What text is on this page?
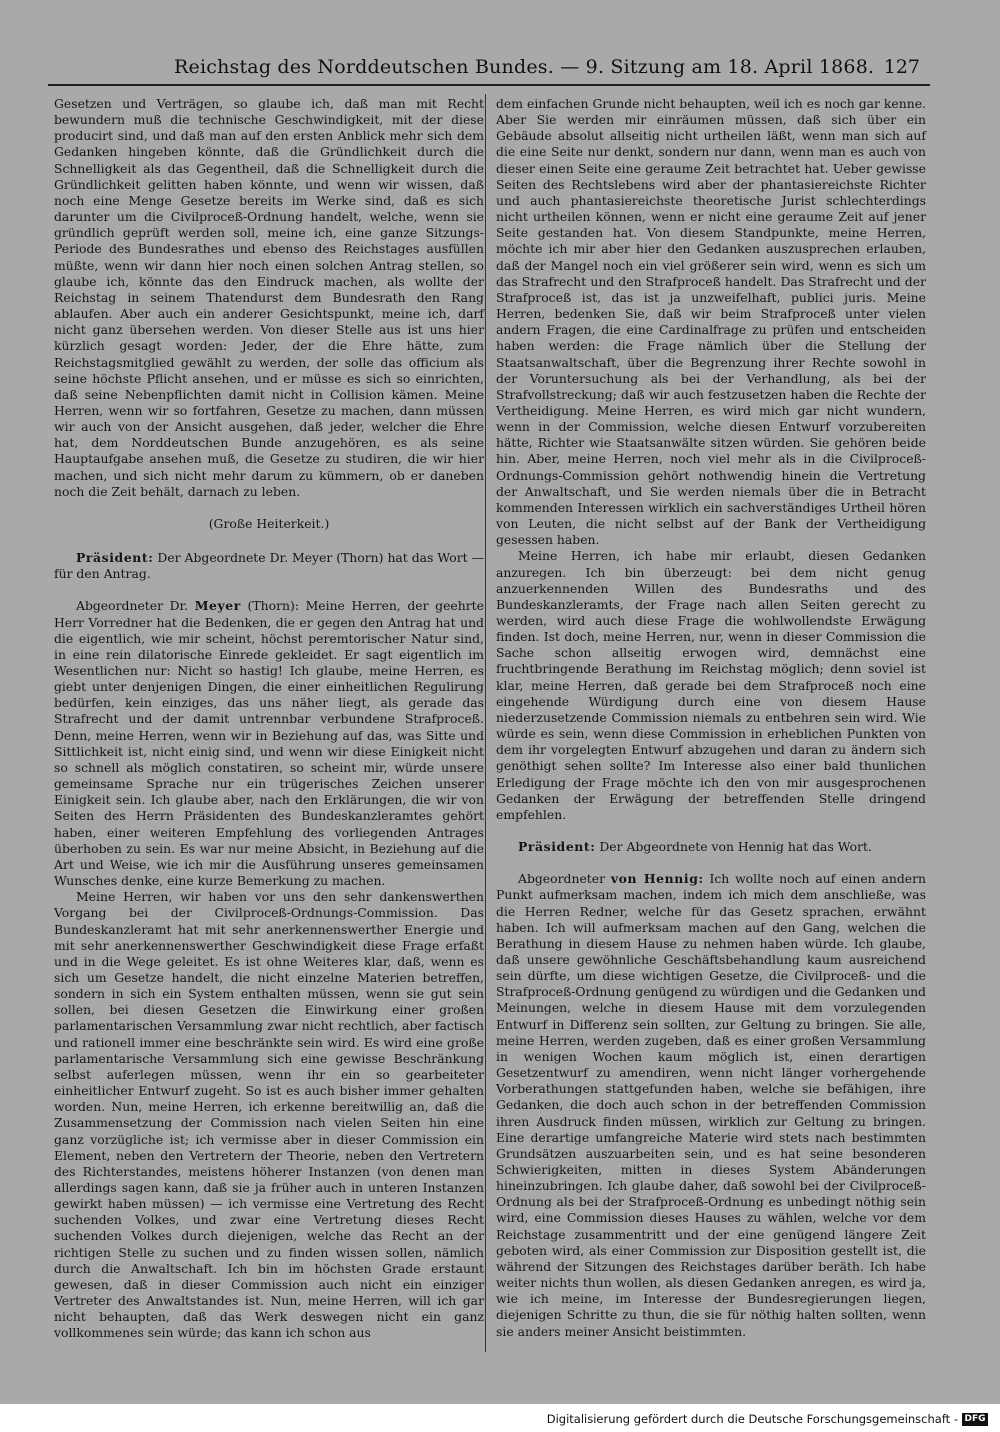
Reichstag des Norddeutschen Bundes. — 9. Sitzung am 18. April 1868. 127

Gesetzen und Verträgen, so glaube ich, daß man mit Recht bewundern muß die technische Geschwindigkeit, mit der diese producirt sind, und daß man auf den ersten Anblick mehr sich dem Gedanken hingeben könnte, daß die Gründlichkeit durch die Schnelligkeit als das Gegentheil, daß die Schnelligkeit durch die Gründlichkeit gelitten haben könnte, und wenn wir wissen, daß noch eine Menge Gesetze bereits im Werke sind, daß es sich darunter um die Civilproceß-Ordnung handelt, welche, wenn sie gründlich geprüft werden soll, meine ich, eine ganze Sitzungs-Periode des Bundesrathes und ebenso des Reichstages ausfüllen müßte, wenn wir dann hier noch einen solchen Antrag stellen, so glaube ich, könnte das den Eindruck machen, als wollte der Reichstag in seinem Thatendurst dem Bundesrath den Rang ablaufen. Aber auch ein anderer Gesichtspunkt, meine ich, darf nicht ganz übersehen werden. Von dieser Stelle aus ist uns hier kürzlich gesagt worden: Jeder, der die Ehre hätte, zum Reichstagsmitglied gewählt zu werden, der solle das officium als seine höchste Pflicht ansehen, und er müsse es sich so einrichten, daß seine Nebenpflichten damit nicht in Collision kämen. Meine Herren, wenn wir so fortfahren, Gesetze zu machen, dann müssen wir auch von der Ansicht ausgehen, daß jeder, welcher die Ehre hat, dem Norddeutschen Bunde anzugehören, es als seine Hauptaufgabe ansehen muß, die Gesetze zu studiren, die wir hier machen, und sich nicht mehr darum zu kümmern, ob er daneben noch die Zeit behält, darnach zu leben.

(Große Heiterkeit.)

Präsident: Der Abgeordnete Dr. Meyer (Thorn) hat das Wort — für den Antrag.

Abgeordneter Dr. Meyer (Thorn): Meine Herren, der geehrte Herr Vorredner hat die Bedenken, die er gegen den Antrag hat und die eigentlich, wie mir scheint, höchst peremtorischer Natur sind, in eine rein dilatorische Einrede gekleidet. Er sagt eigentlich im Wesentlichen nur: Nicht so hastig! Ich glaube, meine Herren, es giebt unter denjenigen Dingen, die einer einheitlichen Regulirung bedürfen, kein einziges, das uns näher liegt, als gerade das Strafrecht und der damit untrennbar verbundene Strafproceß. Denn, meine Herren, wenn wir in Beziehung auf das, was Sitte und Sittlichkeit ist, nicht einig sind, und wenn wir diese Einigkeit nicht so schnell als möglich constatiren, so scheint mir, würde unsere gemeinsame Sprache nur ein trügerisches Zeichen unserer Einigkeit sein. Ich glaube aber, nach den Erklärungen, die wir von Seiten des Herrn Präsidenten des Bundeskanzleramtes gehört haben, einer weiteren Empfehlung des vorliegenden Antrages überhoben zu sein. Es war nur meine Absicht, in Beziehung auf die Art und Weise, wie ich mir die Ausführung unseres gemeinsamen Wunsches denke, eine kurze Bemerkung zu machen.

Meine Herren, wir haben vor uns den sehr dankenswerthen Vorgang bei der Civilproceß-Ordnungs-Commission. Das Bundeskanzleramt hat mit sehr anerkennenswerther Energie und mit sehr anerkennenswerther Geschwindigkeit diese Frage erfaßt und in die Wege geleitet. Es ist ohne Weiteres klar, daß, wenn es sich um Gesetze handelt, die nicht einzelne Materien betreffen, sondern in sich ein System enthalten müssen, wenn sie gut sein sollen, bei diesen Gesetzen die Einwirkung einer großen parlamentarischen Versammlung zwar nicht rechtlich, aber factisch und rationell immer eine beschränkte sein wird. Es wird eine große parlamentarische Versammlung sich eine gewisse Beschränkung selbst auferlegen müssen, wenn ihr ein so gearbeiteter einheitlicher Entwurf zugeht. So ist es auch bisher immer gehalten worden. Nun, meine Herren, ich erkenne bereitwillig an, daß die Zusammensetzung der Commission nach vielen Seiten hin eine ganz vorzügliche ist; ich vermisse aber in dieser Commission ein Element, neben den Vertretern der Theorie, neben den Vertretern des Richterstandes, meistens höherer Instanzen (von denen man allerdings sagen kann, daß sie ja früher auch in unteren Instanzen gewirkt haben müssen) — ich vermisse eine Vertretung des Recht suchenden Volkes, und zwar eine Vertretung dieses Recht suchenden Volkes durch diejenigen, welche das Recht an der richtigen Stelle zu suchen und zu finden wissen sollen, nämlich durch die Anwaltschaft. Ich bin im höchsten Grade erstaunt gewesen, daß in dieser Commission auch nicht ein einziger Vertreter des Anwaltstandes ist. Nun, meine Herren, will ich gar nicht behaupten, daß das Werk deswegen nicht ein ganz vollkommenes sein würde; das kann ich schon aus

dem einfachen Grunde nicht behaupten, weil ich es noch gar kenne. Aber Sie werden mir einräumen müssen, daß sich über ein Gebäude absolut allseitig nicht urtheilen läßt, wenn man sich auf die eine Seite nur denkt, sondern nur dann, wenn man es auch von dieser einen Seite eine geraume Zeit betrachtet hat. Ueber gewisse Seiten des Rechtslebens wird aber der phantasiereichste Richter und auch phantasiereichste theoretische Jurist schlechterdings nicht urtheilen können, wenn er nicht eine geraume Zeit auf jener Seite gestanden hat. Von diesem Standpunkte, meine Herren, möchte ich mir aber hier den Gedanken auszusprechen erlauben, daß der Mangel noch ein viel größerer sein wird, wenn es sich um das Strafrecht und den Strafproceß handelt. Das Strafrecht und der Strafproceß ist, das ist ja unzweifelhaft, publici juris. Meine Herren, bedenken Sie, daß wir beim Strafproceß unter vielen andern Fragen, die eine Cardinalfrage zu prüfen und entscheiden haben werden: die Frage nämlich über die Stellung der Staatsanwaltschaft, über die Begrenzung ihrer Rechte sowohl in der Voruntersuchung als bei der Verhandlung, als bei der Strafvollstreckung; daß wir auch festzusetzen haben die Rechte der Vertheidigung. Meine Herren, es wird mich gar nicht wundern, wenn in der Commission, welche diesen Entwurf vorzubereiten hätte, Richter wie Staatsanwälte sitzen würden. Sie gehören beide hin. Aber, meine Herren, noch viel mehr als in die Civilproceß-Ordnungs-Commission gehört nothwendig hinein die Vertretung der Anwaltschaft, und Sie werden niemals über die in Betracht kommenden Interessen wirklich ein sachverständiges Urtheil hören von Leuten, die nicht selbst auf der Bank der Vertheidigung gesessen haben.

Meine Herren, ich habe mir erlaubt, diesen Gedanken anzuregen. Ich bin überzeugt: bei dem nicht genug anzuerkennenden Willen des Bundesraths und des Bundeskanzleramts, der Frage nach allen Seiten gerecht zu werden, wird auch diese Frage die wohlwollendste Erwägung finden. Ist doch, meine Herren, nur, wenn in dieser Commission die Sache schon allseitig erwogen wird, demnächst eine fruchtbringende Berathung im Reichstag möglich; denn soviel ist klar, meine Herren, daß gerade bei dem Strafproceß noch eine eingehende Würdigung durch eine von diesem Hause niederzusetzende Commission niemals zu entbehren sein wird. Wie würde es sein, wenn diese Commission in erheblichen Punkten von dem ihr vorgelegten Entwurf abzugehen und daran zu ändern sich genöthigt sehen sollte? Im Interesse also einer bald thunlichen Erledigung der Frage möchte ich den von mir ausgesprochenen Gedanken der Erwägung der betreffenden Stelle dringend empfehlen.

Präsident: Der Abgeordnete von Hennig hat das Wort.

Abgeordneter von Hennig: Ich wollte noch auf einen andern Punkt aufmerksam machen, indem ich mich dem anschließe, was die Herren Redner, welche für das Gesetz sprachen, erwähnt haben. Ich will aufmerksam machen auf den Gang, welchen die Berathung in diesem Hause zu nehmen haben würde. Ich glaube, daß unsere gewöhnliche Geschäftsbehandlung kaum ausreichend sein dürfte, um diese wichtigen Gesetze, die Civilproceß- und die Strafproceß-Ordnung genügend zu würdigen und die Gedanken und Meinungen, welche in diesem Hause mit dem vorzulegenden Entwurf in Differenz sein sollten, zur Geltung zu bringen. Sie alle, meine Herren, werden zugeben, daß es einer großen Versammlung in wenigen Wochen kaum möglich ist, einen derartigen Gesetzentwurf zu amendiren, wenn nicht länger vorhergehende Vorberathungen stattgefunden haben, welche sie befähigen, ihre Gedanken, die doch auch schon in der betreffenden Commission ihren Ausdruck finden müssen, wirklich zur Geltung zu bringen. Eine derartige umfangreiche Materie wird stets nach bestimmten Grundsätzen auszuarbeiten sein, und es hat seine besonderen Schwierigkeiten, mitten in dieses System Abänderungen hineinzubringen. Ich glaube daher, daß sowohl bei der Civilproceß-Ordnung als bei der Strafproceß-Ordnung es unbedingt nöthig sein wird, eine Commission dieses Hauses zu wählen, welche vor dem Reichstage zusammentritt und der eine genügend längere Zeit geboten wird, als einer Commission zur Disposition gestellt ist, die während der Sitzungen des Reichstages darüber beräth. Ich habe weiter nichts thun wollen, als diesen Gedanken anregen, es wird ja, wie ich meine, im Interesse der Bundesregierungen liegen, diejenigen Schritte zu thun, die sie für nöthig halten sollten, wenn sie anders meiner Ansicht beistimmten.

Digitalisierung gefördert durch die Deutsche Forschungsgemeinschaft - DFG
